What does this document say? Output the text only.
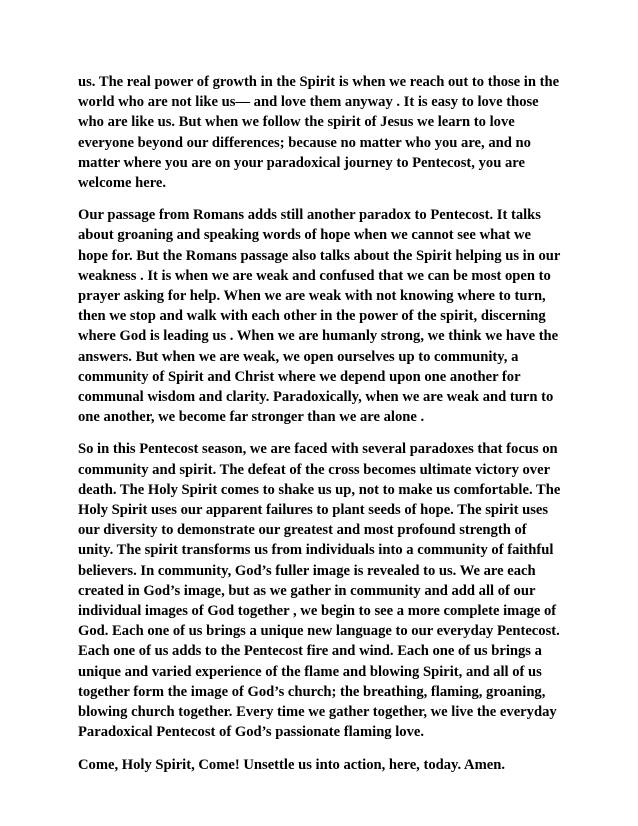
us. The real power of growth in the Spirit is when we reach out to those in the world who are not like us— and love them anyway . It is easy to love those who are like us. But when we follow the spirit of Jesus we learn to love everyone beyond our differences; because no matter who you are, and no matter where you are on your paradoxical journey to Pentecost, you are welcome here.

Our passage from Romans adds still another paradox to Pentecost. It talks about groaning and speaking words of hope when we cannot see what we hope for. But the Romans passage also talks about the Spirit helping us in our weakness . It is when we are weak and confused that we can be most open to prayer asking for help. When we are weak with not knowing where to turn, then we stop and walk with each other in the power of the spirit, discerning where God is leading us . When we are humanly strong, we think we have the answers. But when we are weak, we open ourselves up to community, a community of Spirit and Christ where we depend upon one another for communal wisdom and clarity. Paradoxically, when we are weak and turn to one another, we become far stronger than we are alone .

So in this Pentecost season, we are faced with several paradoxes that focus on community and spirit. The defeat of the cross becomes ultimate victory over death. The Holy Spirit comes to shake us up, not to make us comfortable. The Holy Spirit uses our apparent failures to plant seeds of hope. The spirit uses our diversity to demonstrate our greatest and most profound strength of unity. The spirit transforms us from individuals into a community of faithful believers. In community, God’s fuller image is revealed to us. We are each created in God’s image, but as we gather in community and add all of our individual images of God together , we begin to see a more complete image of God. Each one of us brings a unique new language to our everyday Pentecost. Each one of us adds to the Pentecost fire and wind. Each one of us brings a unique and varied experience of the flame and blowing Spirit, and all of us together form the image of God’s church; the breathing, flaming, groaning, blowing church together. Every time we gather together, we live the everyday Paradoxical Pentecost of God’s passionate flaming love.

Come, Holy Spirit, Come! Unsettle us into action, here, today. Amen.
